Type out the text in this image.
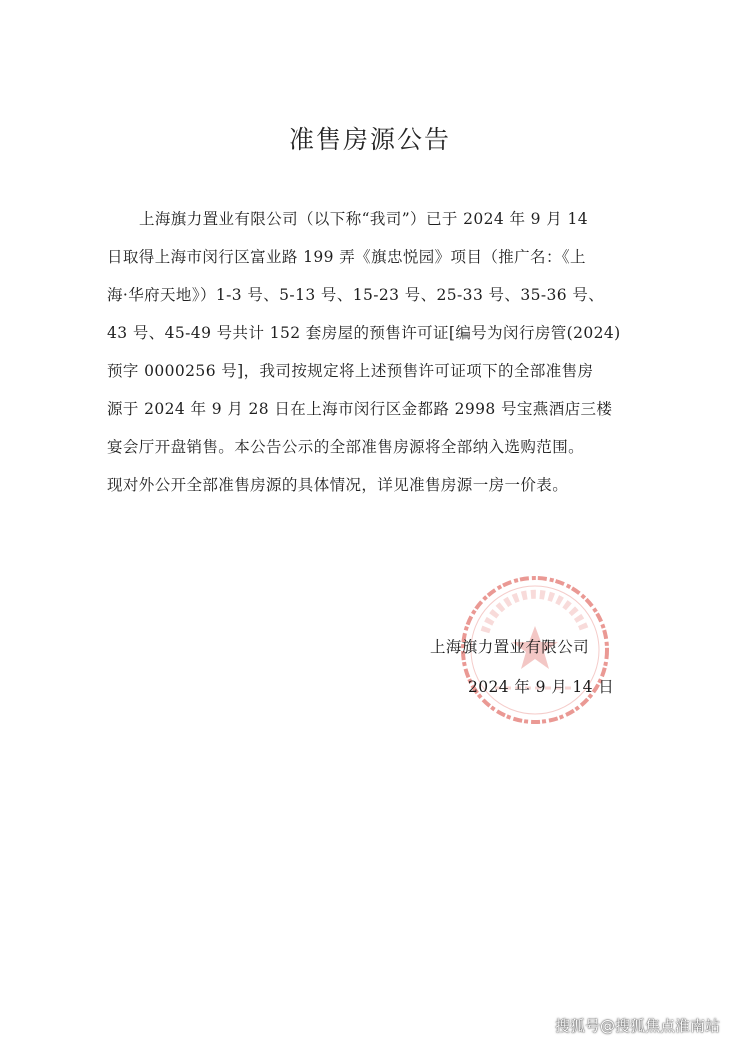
准售房源公告
上海旗力置业有限公司（以下称“我司”）已于 2024 年 9 月 14
日取得上海市闵行区富业路 199 弄《旗忠悦园》项目（推广名：《上
海·华府天地》）1-3 号、5-13 号、15-23 号、25-33 号、35-36 号、
43 号、45-49 号共计 152 套房屋的预售许可证[编号为闵行房管(2024)
预字 0000256 号]，我司按规定将上述预售许可证项下的全部准售房
源于 2024 年 9 月 28 日在上海市闵行区金都路 2998 号宝燕酒店三楼
宴会厅开盘销售。本公告公示的全部准售房源将全部纳入选购范围。
现对外公开全部准售房源的具体情况，详见准售房源一房一价表。
上海旗力置业有限公司
2024 年 9 月 14 日
搜狐号@搜狐焦点淮南站
